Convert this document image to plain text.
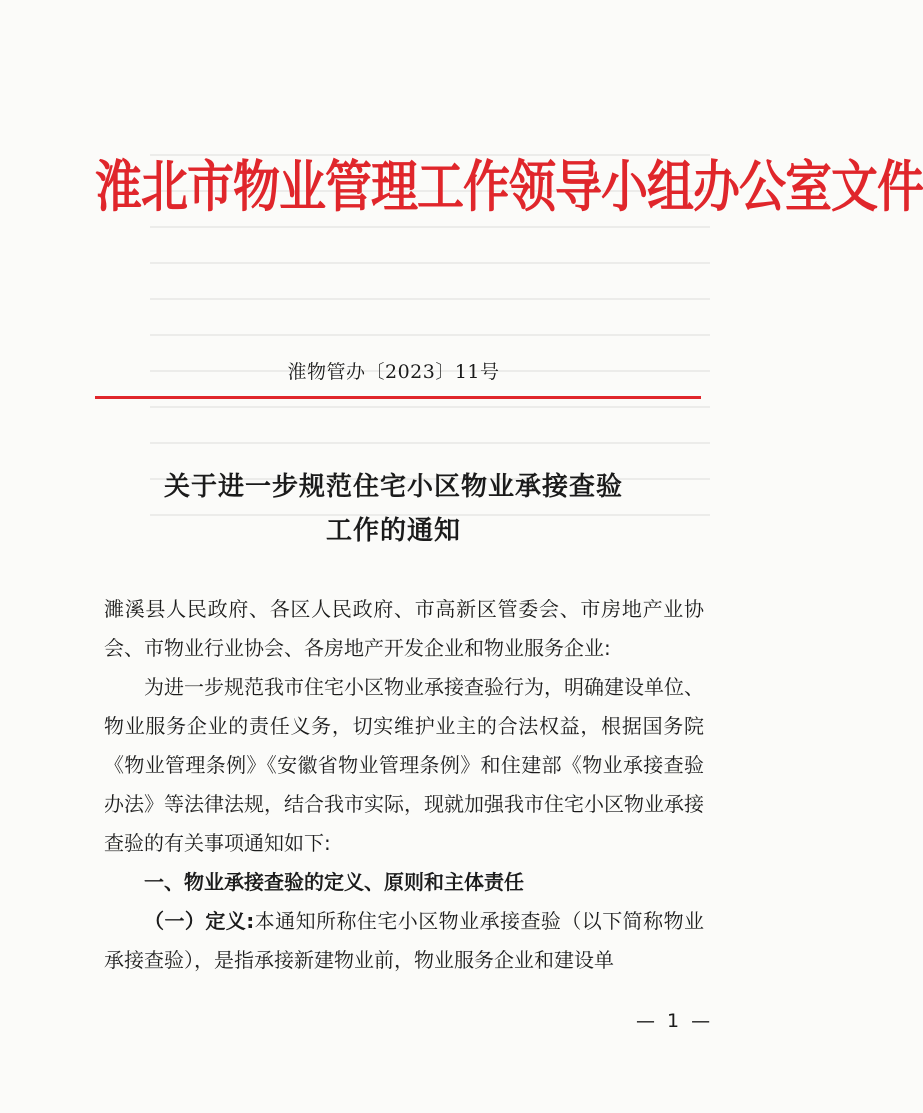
淮北市物业管理工作领导小组办公室文件
淮物管办〔2023〕11号
关于进一步规范住宅小区物业承接查验
工作的通知

濉溪县人民政府、各区人民政府、市高新区管委会、市房地产业协会、市物业行业协会、各房地产开发企业和物业服务企业:

为进一步规范我市住宅小区物业承接查验行为，明确建设单位、物业服务企业的责任义务，切实维护业主的合法权益，根据国务院《物业管理条例》《安徽省物业管理条例》和住建部《物业承接查验办法》等法律法规，结合我市实际，现就加强我市住宅小区物业承接查验的有关事项通知如下:

一、物业承接查验的定义、原则和主体责任

（一）定义:本通知所称住宅小区物业承接查验（以下简称物业承接查验），是指承接新建物业前，物业服务企业和建设单

— 1 —
